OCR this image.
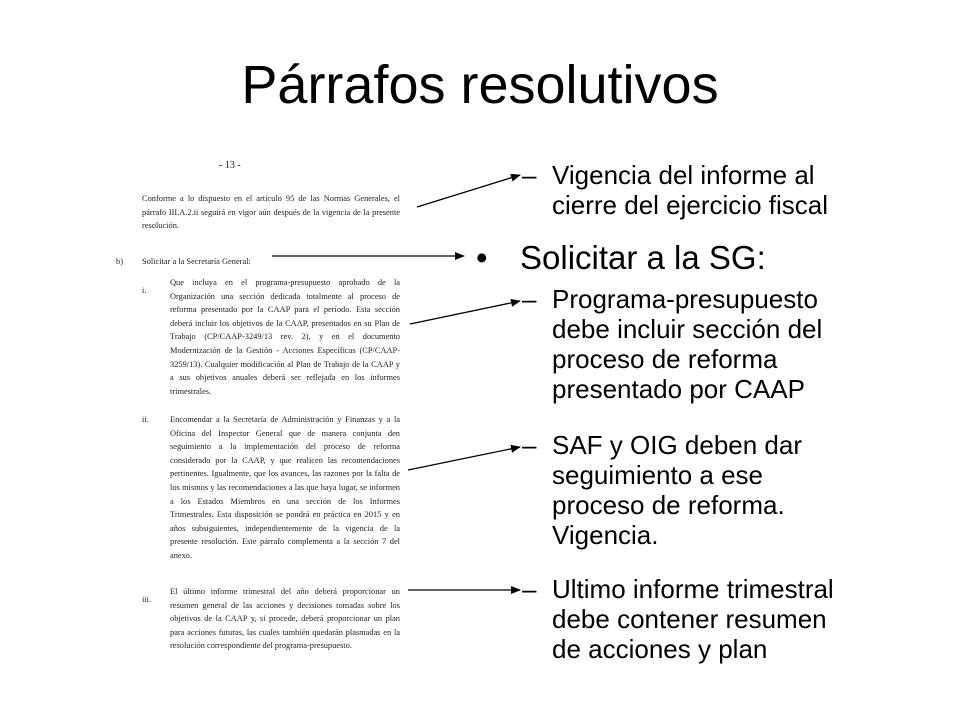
Párrafos resolutivos
- 13 -
Conforme a lo dispuesto en el artículo 95 de las Normas Generales, el párrafo III.A.2.ii seguirá en vigor aún después de la vigencia de la presente resolución.
b) Solicitar a la Secretaría General:
i.
Que incluya en el programa-presupuesto aprobado de la Organización una sección dedicada totalmente al proceso de reforma presentado por la CAAP para el período. Esta sección deberá incluir los objetivos de la CAAP, presentados en su Plan de Trabajo (CP/CAAP-3249/13 rev. 2), y en el documento Modernización de la Gestión - Acciones Específicas (CP/CAAP-3259/13). Cualquier modificación al Plan de Trabajo de la CAAP y a sus objetivos anuales deberá ser reflejada en los informes trimestrales.
ii.	Encomendar a la Secretaría de Administración y Finanzas y a la Oficina del Inspector General que de manera conjunta den seguimiento a la implementación del proceso de reforma considerado por la CAAP, y que realicen las recomendaciones pertinentes. Igualmente, que los avances, las razones por la falta de los mismos y las recomendaciones a las que haya lugar, se informen a los Estados Miembros en una sección de los Informes Trimestrales. Esta disposición se pondrá en práctica en 2015 y en años subsiguientes, independientemente de la vigencia de la presente resolución. Este párrafo complementa a la sección 7 del anexo.
iii.
El último informe trimestral del año deberá proporcionar un resumen general de las acciones y decisiones tomadas sobre los objetivos de la CAAP y, si procede, deberá proporcionar un plan para acciones futuras, las cuales también quedarán plasmadas en la resolución correspondiente del programa-presupuesto.
– Vigencia del informe al
cierre del ejercicio fiscal
• Solicitar a la SG:
– Programa-presupuesto
debe incluir sección del
proceso de reforma
presentado por CAAP
– SAF y OIG deben dar
seguimiento a ese
proceso de reforma.
Vigencia.
– Ultimo informe trimestral
debe contener resumen
de acciones y plan
